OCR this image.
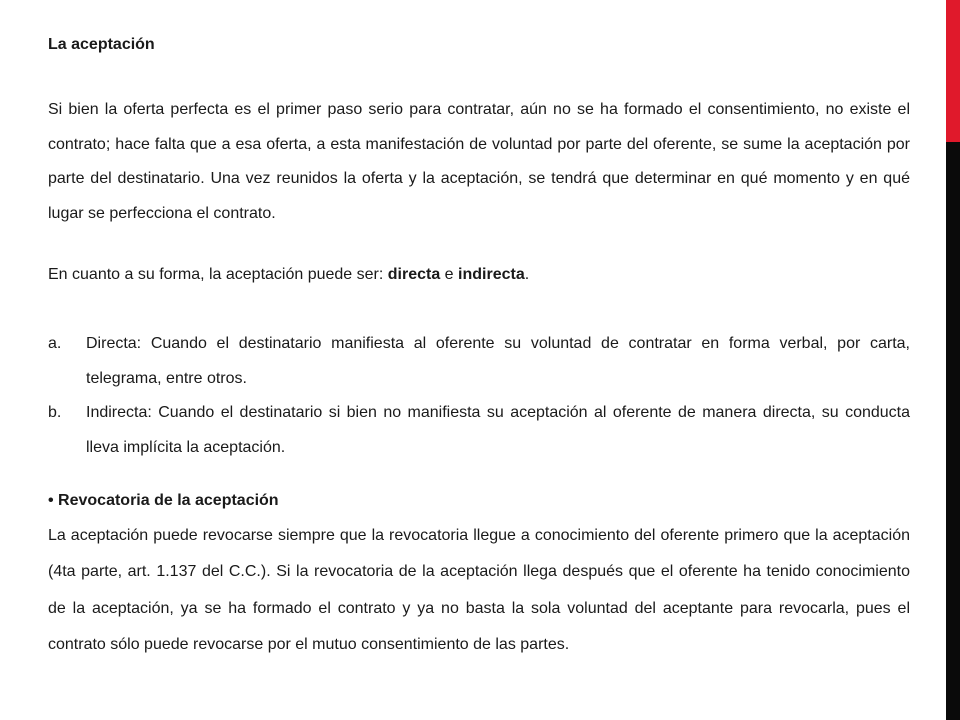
La aceptación

Si bien la oferta perfecta es el primer paso serio para contratar, aún no se ha formado el consentimiento, no existe el contrato; hace falta que a esa oferta, a esta manifestación de voluntad por parte del oferente, se sume la aceptación por parte del destinatario. Una vez reunidos la oferta y la aceptación, se tendrá que determinar en qué momento y en qué lugar se perfecciona el contrato.

En cuanto a su forma, la aceptación puede ser: directa e indirecta.

a. Directa: Cuando el destinatario manifiesta al oferente su voluntad de contratar en forma verbal, por carta, telegrama, entre otros.
b. Indirecta: Cuando el destinatario si bien no manifiesta su aceptación al oferente de manera directa, su conducta lleva implícita la aceptación.
• Revocatoria de la aceptación

La aceptación puede revocarse siempre que la revocatoria llegue a conocimiento del oferente primero que la aceptación (4ta parte, art. 1.137 del C.C.). Si la revocatoria de la aceptación llega después que el oferente ha tenido conocimiento de la aceptación, ya se ha formado el contrato y ya no basta la sola voluntad del aceptante para revocarla, pues el contrato sólo puede revocarse por el mutuo consentimiento de las partes.
